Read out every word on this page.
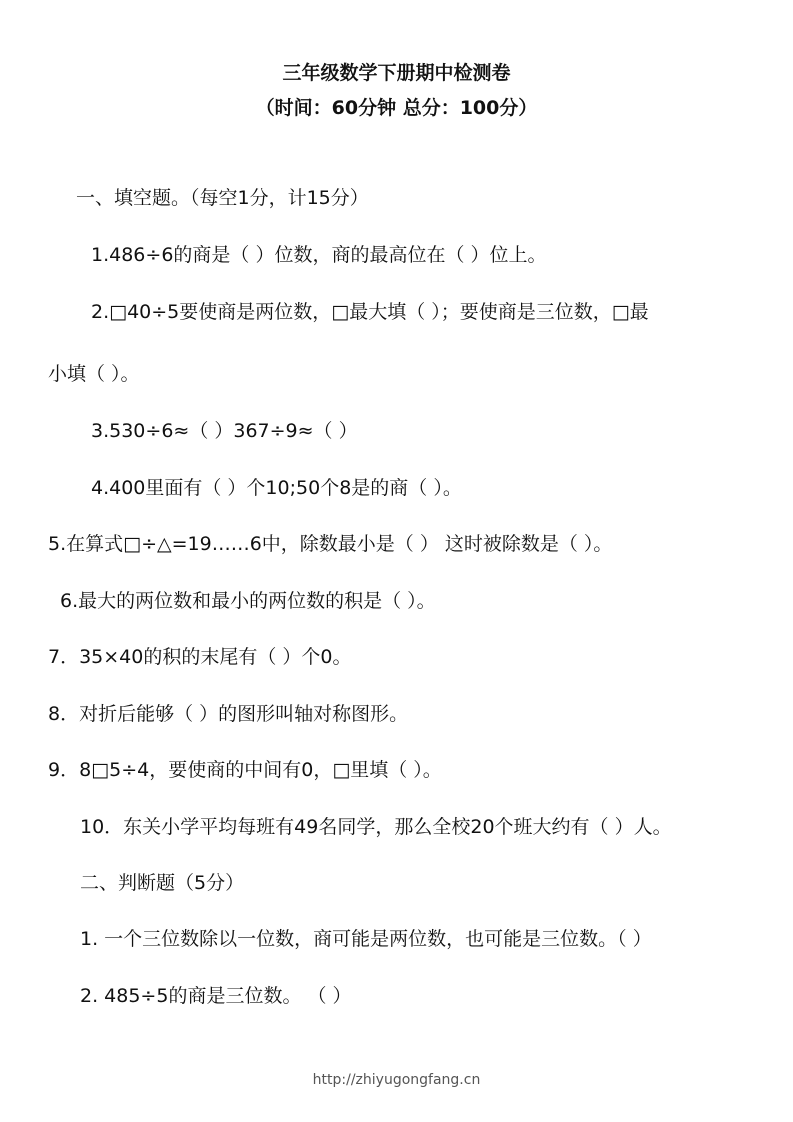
三年级数学下册期中检测卷
（时间：60分钟 总分：100分）
一、填空题。（每空1分，计15分）
1.486÷6的商是（ ）位数，商的最高位在（ ）位上。
2.□40÷5要使商是两位数，□最大填（ ）；要使商是三位数，□最
小填（ ）。
3.530÷6≈（ ）367÷9≈（ ）
4.400里面有（ ）个10;50个8是的商（ ）。
5.在算式□÷△=19……6中，除数最小是（ ） 这时被除数是（ ）。
6.最大的两位数和最小的两位数的积是（ ）。
7．35×40的积的末尾有（ ）个0。
8．对折后能够（ ）的图形叫轴对称图形。
9．8□5÷4，要使商的中间有0，□里填（ ）。
10．东关小学平均每班有49名同学，那么全校20个班大约有（ ）人。
二、判断题（5分）
1. 一个三位数除以一位数，商可能是两位数，也可能是三位数。（ ）
2. 485÷5的商是三位数。 （ ）
http://zhiyugongfang.cn
